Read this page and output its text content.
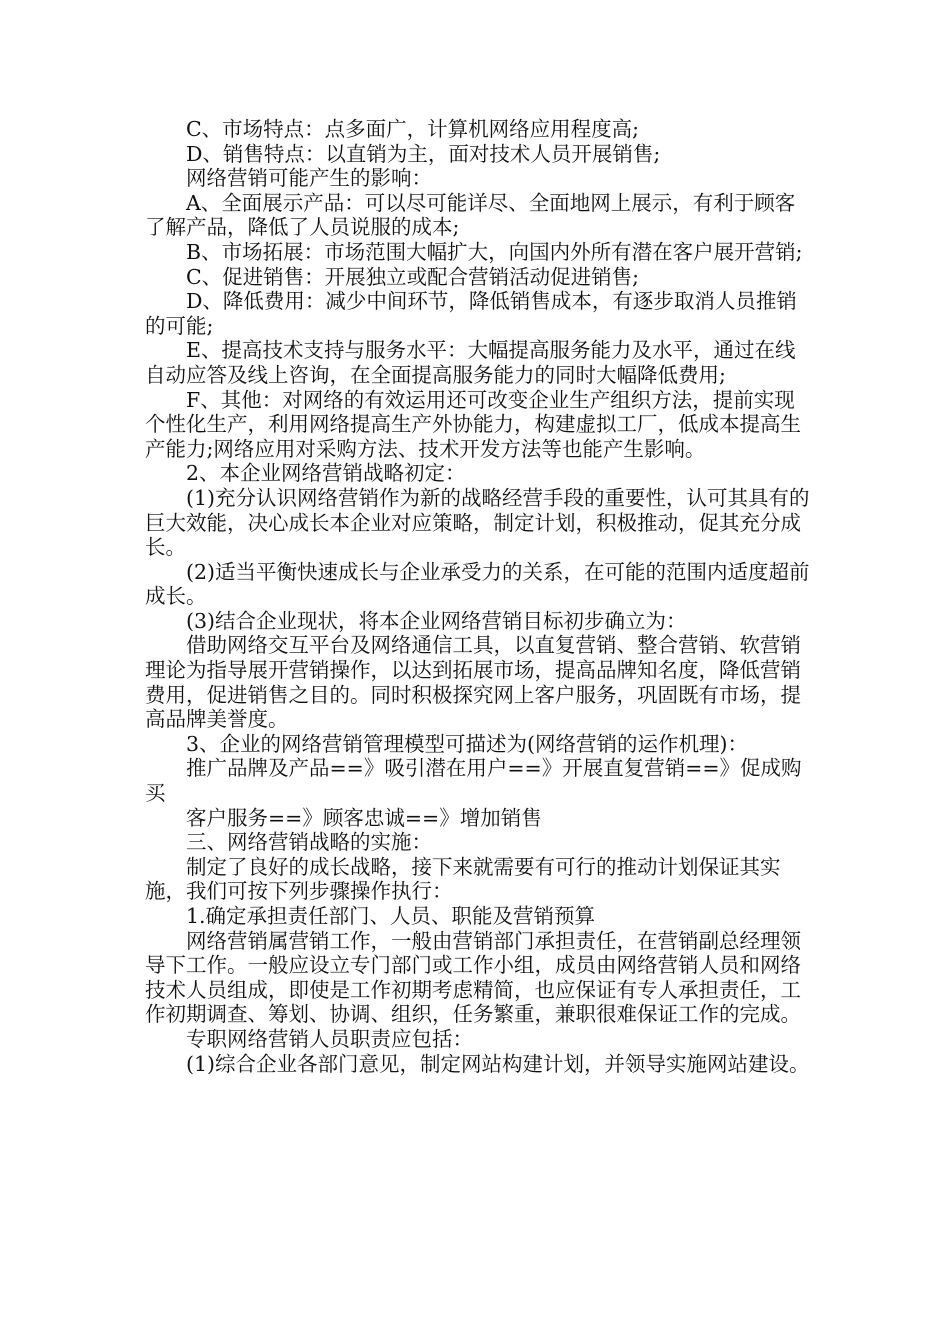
C、市场特点：点多面广，计算机网络应用程度高;

D、销售特点：以直销为主，面对技术人员开展销售;

网络营销可能产生的影响：

A、全面展示产品：可以尽可能详尽、全面地网上展示，有利于顾客了解产品，降低了人员说服的成本;

B、市场拓展：市场范围大幅扩大，向国内外所有潜在客户展开营销;

C、促进销售：开展独立或配合营销活动促进销售;

D、降低费用：减少中间环节，降低销售成本，有逐步取消人员推销的可能;

E、提高技术支持与服务水平：大幅提高服务能力及水平，通过在线自动应答及线上咨询，在全面提高服务能力的同时大幅降低费用;

F、其他：对网络的有效运用还可改变企业生产组织方法，提前实现个性化生产，利用网络提高生产外协能力，构建虚拟工厂，低成本提高生产能力;网络应用对采购方法、技术开发方法等也能产生影响。

2、本企业网络营销战略初定：

(1)充分认识网络营销作为新的战略经营手段的重要性，认可其具有的巨大效能，决心成长本企业对应策略，制定计划，积极推动，促其充分成长。

(2)适当平衡快速成长与企业承受力的关系，在可能的范围内适度超前成长。

(3)结合企业现状，将本企业网络营销目标初步确立为：

借助网络交互平台及网络通信工具，以直复营销、整合营销、软营销理论为指导展开营销操作，以达到拓展市场，提高品牌知名度，降低营销费用，促进销售之目的。同时积极探究网上客户服务，巩固既有市场，提高品牌美誉度。

3、企业的网络营销管理模型可描述为(网络营销的运作机理)：

推广品牌及产品==》吸引潜在用户==》开展直复营销==》促成购买

客户服务==》顾客忠诚==》增加销售

三、网络营销战略的实施：

制定了良好的成长战略，接下来就需要有可行的推动计划保证其实施，我们可按下列步骤操作执行：

1.确定承担责任部门、人员、职能及营销预算

网络营销属营销工作，一般由营销部门承担责任，在营销副总经理领导下工作。一般应设立专门部门或工作小组，成员由网络营销人员和网络技术人员组成，即使是工作初期考虑精简，也应保证有专人承担责任，工作初期调查、筹划、协调、组织，任务繁重，兼职很难保证工作的完成。

专职网络营销人员职责应包括：

(1)综合企业各部门意见，制定网站构建计划，并领导实施网站建设。
